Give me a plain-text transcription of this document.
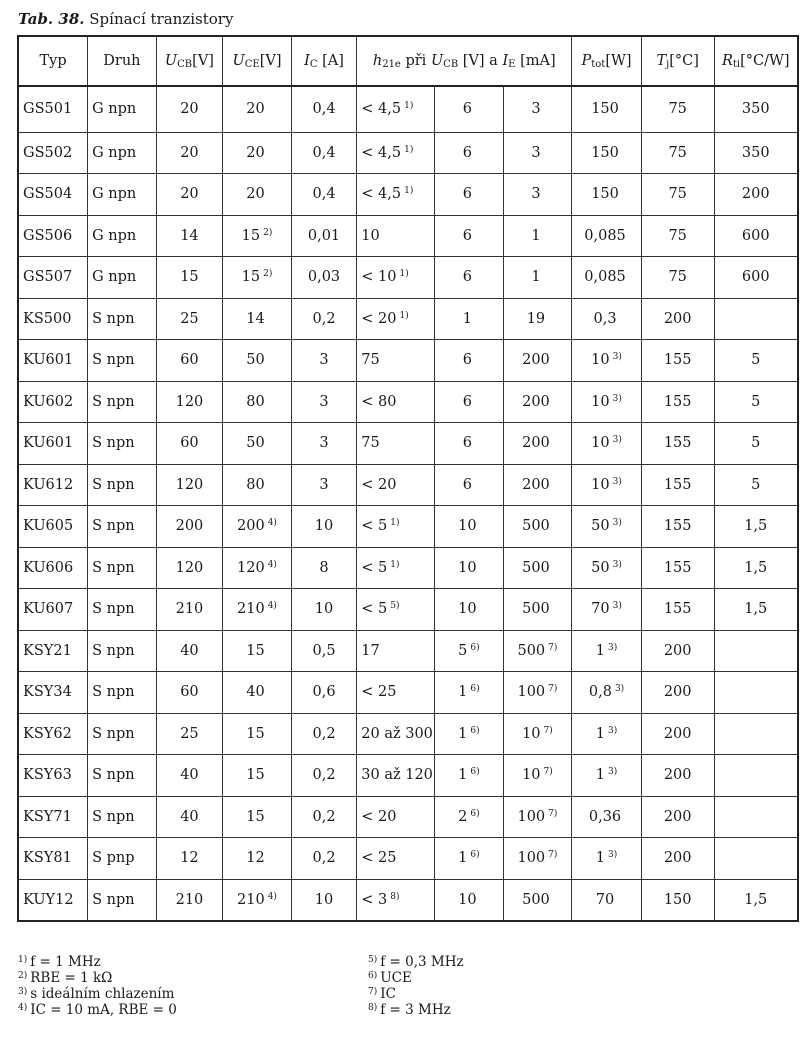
Tab. 38. Spínací tranzistory
Typ	Druh	UCB[V]	UCE[V]	IC [A]	h21e při UCB [V] a IE [mA]			Ptot[W]	Tj[°C]	Rti[°C/W]
GS501	G npn	20	20	0,4	< 4,5 $^{1)}$	6	3	150	75	350
GS502	G npn	20	20	0,4	< 4,5 $^{1)}$	6	3	150	75	350
GS504	G npn	20	20	0,4	< 4,5 $^{1)}$	6	3	150	75	200
GS506	G npn	14	15 $^{2)}$	0,01	10	6	1	0,085	75	600
GS507	G npn	15	15 $^{2)}$	0,03	< 10 $^{1)}$	6	1	0,085	75	600
KS500	S npn	25	14	0,2	< 20 $^{1)}$	1	19	0,3	200	
KU601	S npn	60	50	3	75	6	200	10 $^{3)}$	155	5
KU602	S npn	120	80	3	< 80	6	200	10 $^{3)}$	155	5
KU601	S npn	60	50	3	75	6	200	10 $^{3)}$	155	5
KU612	S npn	120	80	3	< 20	6	200	10 $^{3)}$	155	5
KU605	S npn	200	200 $^{4)}$	10	< 5 $^{1)}$	10	500	50 $^{3)}$	155	1,5
KU606	S npn	120	120 $^{4)}$	8	< 5 $^{1)}$	10	500	50 $^{3)}$	155	1,5
KU607	S npn	210	210 $^{4)}$	10	< 5 $^{5)}$	10	500	70 $^{3)}$	155	1,5
KSY21	S npn	40	15	0,5	17	5 $^{6)}$	500 $^{7)}$	1 $^{3)}$	200	
KSY34	S npn	60	40	0,6	< 25	1 $^{6)}$	100 $^{7)}$	0,8 $^{3)}$	200	
KSY62	S npn	25	15	0,2	20 až 300	1 $^{6)}$	10 $^{7)}$	1 $^{3)}$	200	
KSY63	S npn	40	15	0,2	30 až 120	1 $^{6)}$	10 $^{7)}$	1 $^{3)}$	200	
KSY71	S npn	40	15	0,2	< 20	2 $^{6)}$	100 $^{7)}$	0,36	200	
KSY81	S pnp	12	12	0,2	< 25	1 $^{6)}$	100 $^{7)}$	1 $^{3)}$	200	
KUY12	S npn	210	210 $^{4)}$	10	< 3 $^{8)}$	10	500	70	150	1,5
$^{1)}$ f = 1 MHz
$^{2)}$ RBE = 1 kΩ
$^{3)}$ s ideálním chlazením
$^{4)}$ IC = 10 mA, RBE = 0
$^{5)}$ f = 0,3 MHz
$^{6)}$ UCE
$^{7)}$ IC
$^{8)}$ f = 3 MHz
